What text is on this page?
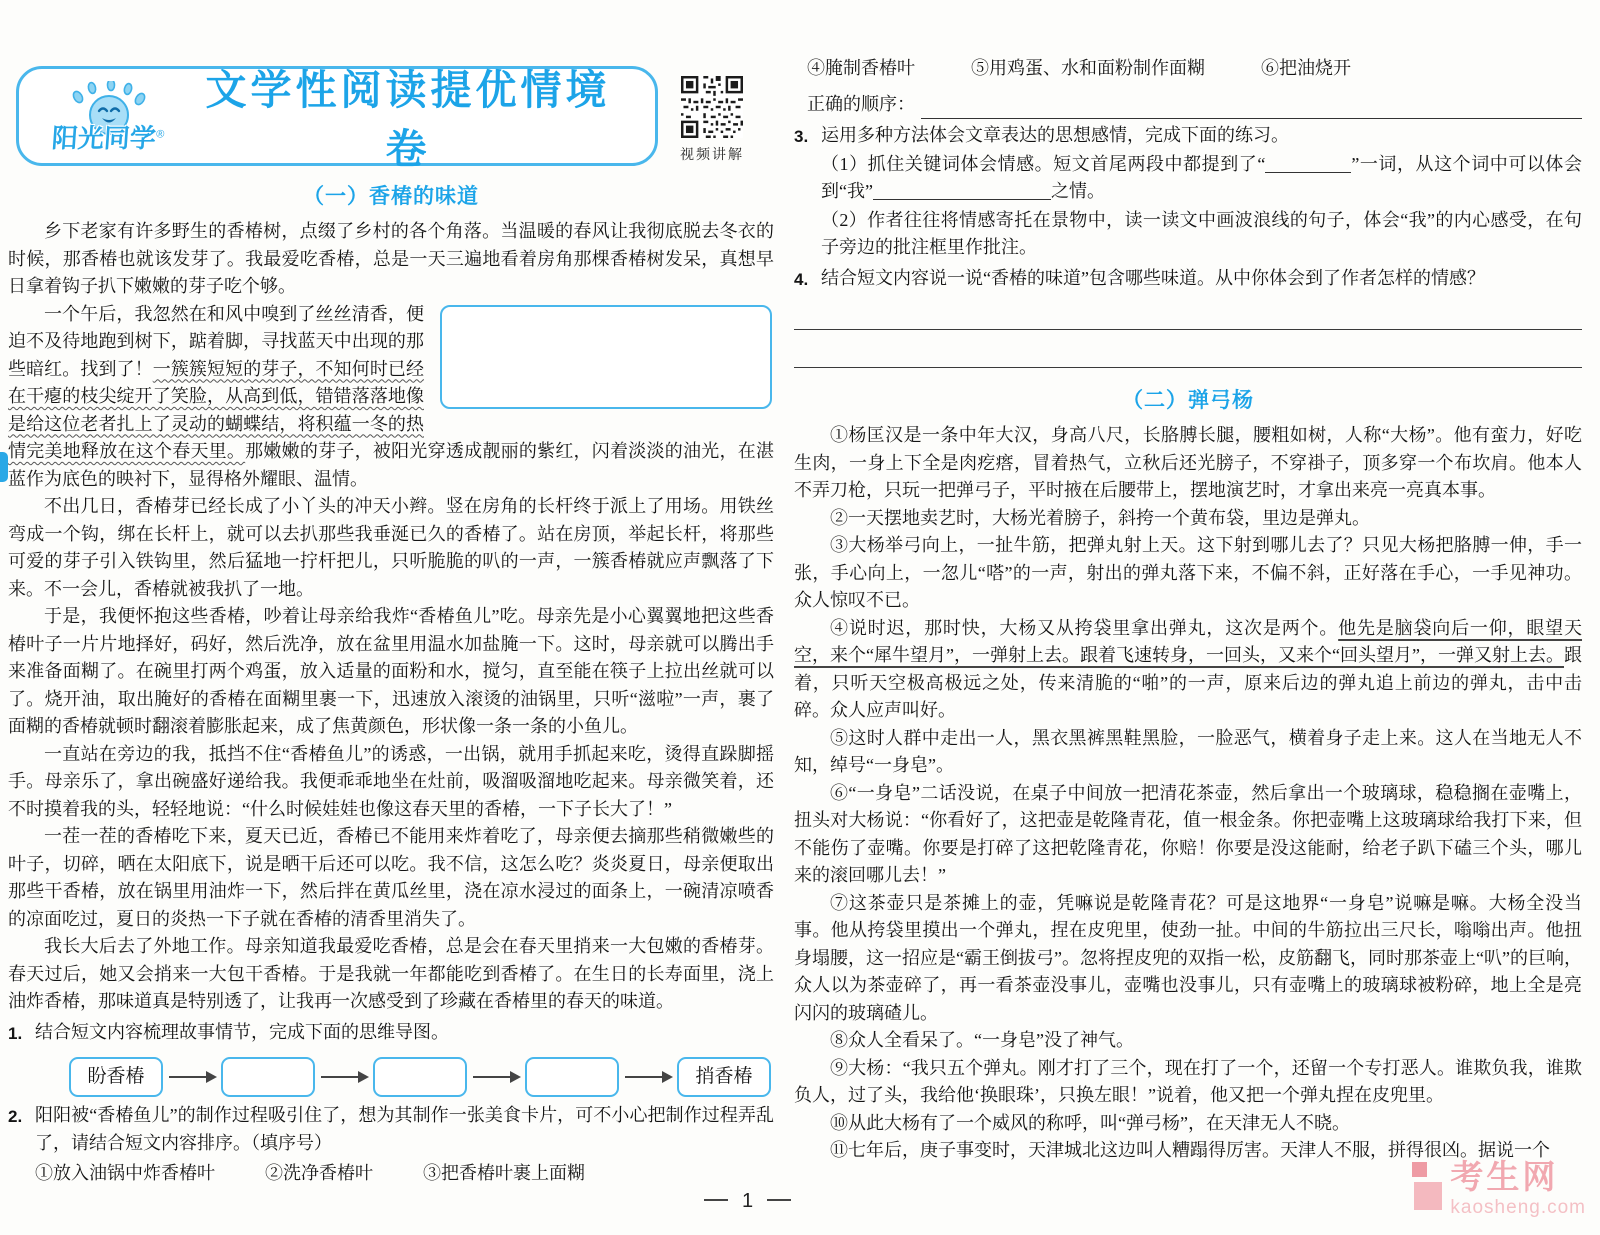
阳光同学®
文学性阅读提优情境卷	视频讲解
（一）香椿的味道

乡下老家有许多野生的香椿树，点缀了乡村的各个角落。当温暖的春风让我彻底脱去冬衣的时候，那香椿也就该发芽了。我最爱吃香椿，总是一天三遍地看着房角那棵香椿树发呆，真想早日拿着钩子扒下嫩嫩的芽子吃个够。

一个午后，我忽然在和风中嗅到了丝丝清香，便迫不及待地跑到树下，踮着脚，寻找蓝天中出现的那些暗红。找到了！一簇簇短短的芽子，不知何时已经在干瘪的枝尖绽开了笑脸，从高到低，错错落落地像是给这位老者扎上了灵动的蝴蝶结，将积蕴一冬的热情完美地释放在这个春天里。那嫩嫩的芽子，被阳光穿透成靓丽的紫红，闪着淡淡的油光，在湛蓝作为底色的映衬下，显得格外耀眼、温情。

不出几日，香椿芽已经长成了小丫头的冲天小辫。竖在房角的长杆终于派上了用场。用铁丝弯成一个钩，绑在长杆上，就可以去扒那些我垂涎已久的香椿了。站在房顶，举起长杆，将那些可爱的芽子引入铁钩里，然后猛地一拧杆把儿，只听脆脆的叭的一声，一簇香椿就应声飘落了下来。不一会儿，香椿就被我扒了一地。

于是，我便怀抱这些香椿，吵着让母亲给我炸“香椿鱼儿”吃。母亲先是小心翼翼地把这些香椿叶子一片片地择好，码好，然后洗净，放在盆里用温水加盐腌一下。这时，母亲就可以腾出手来准备面糊了。在碗里打两个鸡蛋，放入适量的面粉和水，搅匀，直至能在筷子上拉出丝就可以了。烧开油，取出腌好的香椿在面糊里裹一下，迅速放入滚烫的油锅里，只听“滋啦”一声，裹了面糊的香椿就顿时翻滚着膨胀起来，成了焦黄颜色，形状像一条一条的小鱼儿。

一直站在旁边的我，抵挡不住“香椿鱼儿”的诱惑，一出锅，就用手抓起来吃，烫得直跺脚摇手。母亲乐了，拿出碗盛好递给我。我便乖乖地坐在灶前，吸溜吸溜地吃起来。母亲微笑着，还不时摸着我的头，轻轻地说：“什么时候娃娃也像这春天里的香椿，一下子长大了！”

一茬一茬的香椿吃下来，夏天已近，香椿已不能用来炸着吃了，母亲便去摘那些稍微嫩些的叶子，切碎，晒在太阳底下，说是晒干后还可以吃。我不信，这怎么吃？炎炎夏日，母亲便取出那些干香椿，放在锅里用油炸一下，然后拌在黄瓜丝里，浇在凉水浸过的面条上，一碗清凉喷香的凉面吃过，夏日的炎热一下子就在香椿的清香里消失了。

我长大后去了外地工作。母亲知道我最爱吃香椿，总是会在春天里捎来一大包嫩的香椿芽。春天过后，她又会捎来一大包干香椿。于是我就一年都能吃到香椿了。在生日的长寿面里，浇上油炸香椿，那味道真是特别透了，让我再一次感受到了珍藏在香椿里的春天的味道。

1. 结合短文内容梳理故事情节，完成下面的思维导图。
盼香椿	捎香椿
2. 阳阳被“香椿鱼儿”的制作过程吸引住了，想为其制作一张美食卡片，可不小心把制作过程弄乱了，请结合短文内容排序。（填序号）
①放入油锅中炸香椿叶	②洗净香椿叶	③把香椿叶裹上面糊
④腌制香椿叶	⑤用鸡蛋、水和面粉制作面糊	⑥把油烧开
正确的顺序：
3. 运用多种方法体会文章表达的思想感情，完成下面的练习。
（1）抓住关键词体会情感。短文首尾两段中都提到了“	”一词，从这个词中可以体会到“我”	之情。
（2）作者往往将情感寄托在景物中，读一读文中画波浪线的句子，体会“我”的内心感受，在句子旁边的批注框里作批注。
4. 结合短文内容说一说“香椿的味道”包含哪些味道。从中你体会到了作者怎样的情感？
（二）弹弓杨

①杨匡汉是一条中年大汉，身高八尺，长胳膊长腿，腰粗如树，人称“大杨”。他有蛮力，好吃生肉，一身上下全是肉疙瘩，冒着热气，立秋后还光膀子，不穿褂子，顶多穿一个布坎肩。他本人不弄刀枪，只玩一把弹弓子，平时掖在后腰带上，摆地演艺时，才拿出来亮一亮真本事。

②一天摆地卖艺时，大杨光着膀子，斜挎一个黄布袋，里边是弹丸。

③大杨举弓向上，一扯牛筋，把弹丸射上天。这下射到哪儿去了？只见大杨把胳膊一伸，手一张，手心向上，一忽儿“嗒”的一声，射出的弹丸落下来，不偏不斜，正好落在手心，一手见神功。众人惊叹不已。

④说时迟，那时快，大杨又从挎袋里拿出弹丸，这次是两个。他先是脑袋向后一仰，眼望天空，来个“犀牛望月”，一弹射上去。跟着飞速转身，一回头，又来个“回头望月”，一弹又射上去。跟着，只听天空极高极远之处，传来清脆的“啪”的一声，原来后边的弹丸追上前边的弹丸，击中击碎。众人应声叫好。

⑤这时人群中走出一人，黑衣黑裤黑鞋黑脸，一脸恶气，横着身子走上来。这人在当地无人不知，绰号“一身皂”。

⑥“一身皂”二话没说，在桌子中间放一把清花茶壶，然后拿出一个玻璃球，稳稳搁在壶嘴上，扭头对大杨说：“你看好了，这把壶是乾隆青花，值一根金条。你把壶嘴上这玻璃球给我打下来，但不能伤了壶嘴。你要是打碎了这把乾隆青花，你赔！你要是没这能耐，给老子趴下磕三个头，哪儿来的滚回哪儿去！”

⑦这茶壶只是茶摊上的壶，凭嘛说是乾隆青花？可是这地界“一身皂”说嘛是嘛。大杨全没当事。他从挎袋里摸出一个弹丸，捏在皮兜里，使劲一扯。中间的牛筋拉出三尺长，嗡嗡出声。他扭身塌腰，这一招应是“霸王倒拔弓”。忽将捏皮兜的双指一松，皮筋翻飞，同时那茶壶上“叭”的巨响，众人以为茶壶碎了，再一看茶壶没事儿，壶嘴也没事儿，只有壶嘴上的玻璃球被粉碎，地上全是亮闪闪的玻璃碴儿。

⑧众人全看呆了。“一身皂”没了神气。

⑨大杨：“我只五个弹丸。刚才打了三个，现在打了一个，还留一个专打恶人。谁欺负我，谁欺负人，过了头，我给他‘换眼珠’，只换左眼！”说着，他又把一个弹丸捏在皮兜里。

⑩从此大杨有了一个威风的称呼，叫“弹弓杨”，在天津无人不晓。

⑪七年后，庚子事变时，天津城北这边叫人糟蹋得厉害。天津人不服，拼得很凶。据说一个

1
考生网
kaosheng.com
